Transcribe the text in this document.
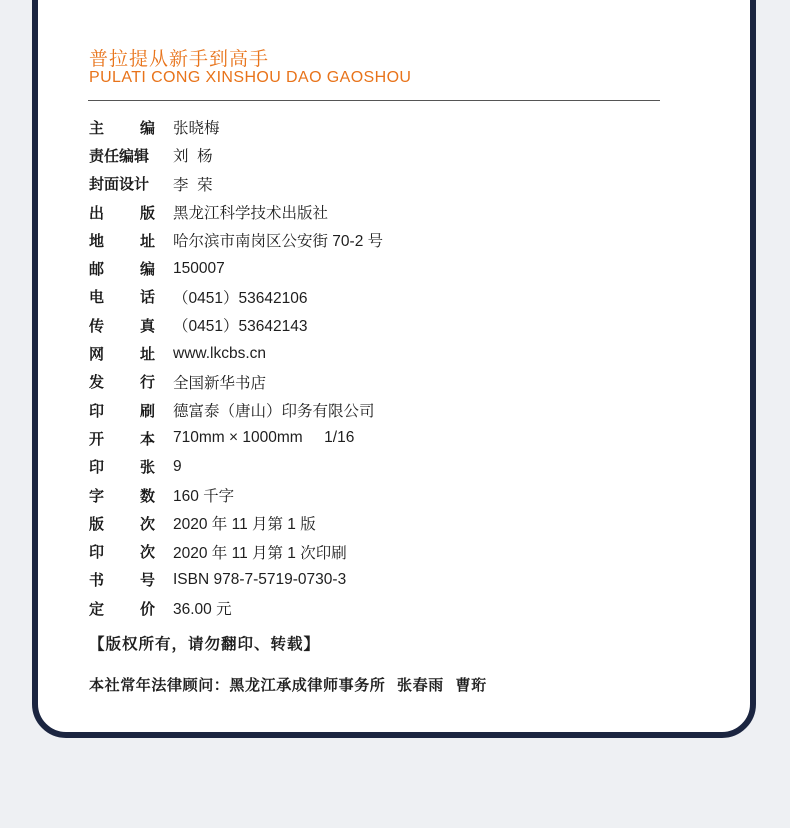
普拉提从新手到高手
PULATI CONG XINSHOU DAO GAOSHOU
主 编 张晓梅
责任编辑 刘  杨
封面设计 李  荣
出 版 黑龙江科学技术出版社
地 址 哈尔滨市南岗区公安街 70-2 号
邮 编 150007
电 话 （0451）53642106
传 真 （0451）53642143
网 址 www.lkcbs.cn
发 行 全国新华书店
印 刷 德富泰（唐山）印务有限公司
开 本 710mm × 1000mm     1/16
印 张 9
字 数 160 千字
版 次 2020 年 11 月第 1 版
印 次 2020 年 11 月第 1 次印刷
书 号 ISBN 978-7-5719-0730-3
定 价 36.00 元
【版权所有，请勿翻印、转载】
本社常年法律顾问：黑龙江承成律师事务所  张春雨  曹珩
